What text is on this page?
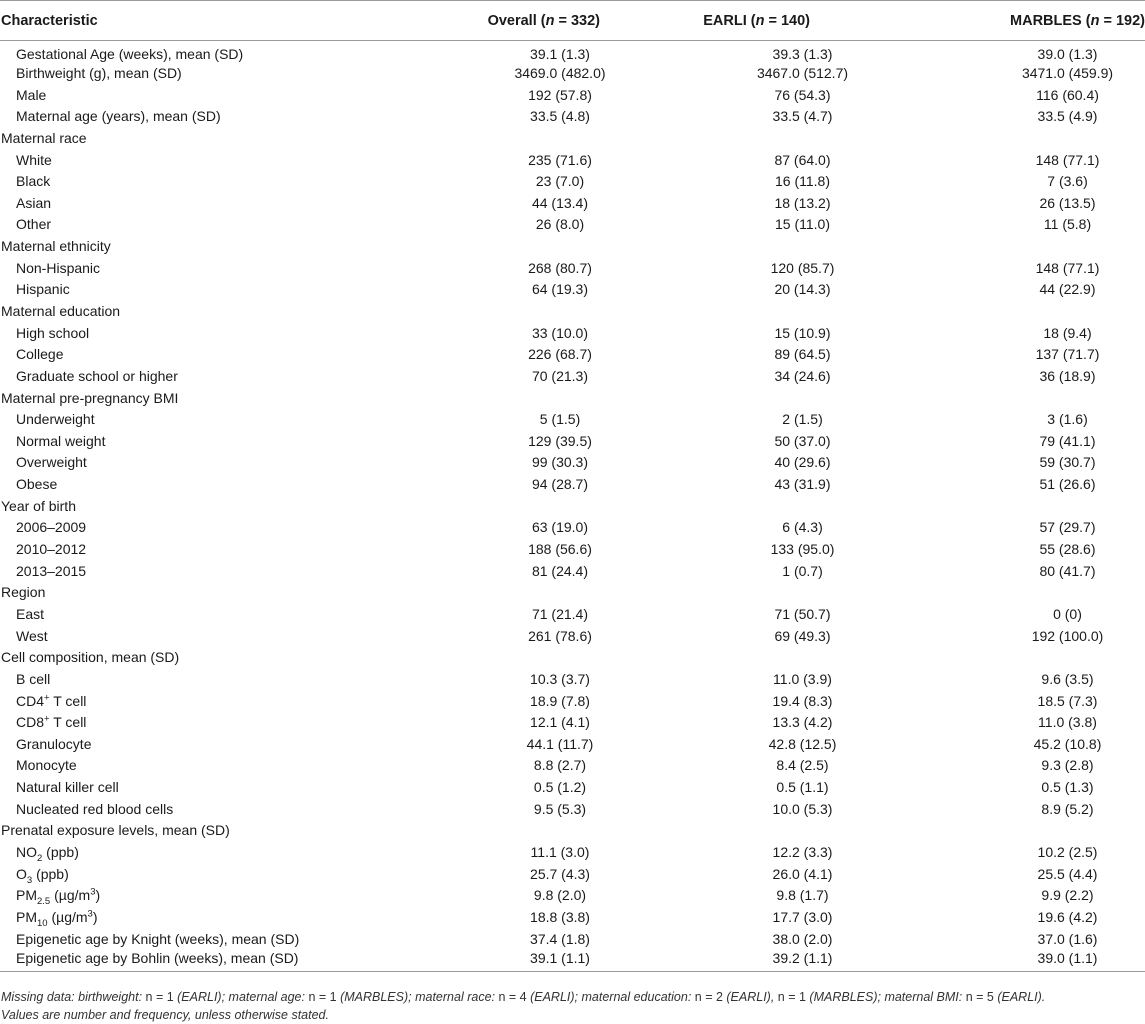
Characteristic	Overall (n = 332)	EARLI (n = 140)	MARBLES (n = 192)
Gestational Age (weeks), mean (SD)	39.1 (1.3)	39.3 (1.3)	39.0 (1.3)
Birthweight (g), mean (SD)	3469.0 (482.0)	3467.0 (512.7)	3471.0 (459.9)
Male	192 (57.8)	76 (54.3)	116 (60.4)
Maternal age (years), mean (SD)	33.5 (4.8)	33.5 (4.7)	33.5 (4.9)
Maternal race			
White	235 (71.6)	87 (64.0)	148 (77.1)
Black	23 (7.0)	16 (11.8)	7 (3.6)
Asian	44 (13.4)	18 (13.2)	26 (13.5)
Other	26 (8.0)	15 (11.0)	11 (5.8)
Maternal ethnicity			
Non-Hispanic	268 (80.7)	120 (85.7)	148 (77.1)
Hispanic	64 (19.3)	20 (14.3)	44 (22.9)
Maternal education			
High school	33 (10.0)	15 (10.9)	18 (9.4)
College	226 (68.7)	89 (64.5)	137 (71.7)
Graduate school or higher	70 (21.3)	34 (24.6)	36 (18.9)
Maternal pre-pregnancy BMI			
Underweight	5 (1.5)	2 (1.5)	3 (1.6)
Normal weight	129 (39.5)	50 (37.0)	79 (41.1)
Overweight	99 (30.3)	40 (29.6)	59 (30.7)
Obese	94 (28.7)	43 (31.9)	51 (26.6)
Year of birth			
2006–2009	63 (19.0)	6 (4.3)	57 (29.7)
2010–2012	188 (56.6)	133 (95.0)	55 (28.6)
2013–2015	81 (24.4)	1 (0.7)	80 (41.7)
Region			
East	71 (21.4)	71 (50.7)	0 (0)
West	261 (78.6)	69 (49.3)	192 (100.0)
Cell composition, mean (SD)			
B cell	10.3 (3.7)	11.0 (3.9)	9.6 (3.5)
CD4+ T cell	18.9 (7.8)	19.4 (8.3)	18.5 (7.3)
CD8+ T cell	12.1 (4.1)	13.3 (4.2)	11.0 (3.8)
Granulocyte	44.1 (11.7)	42.8 (12.5)	45.2 (10.8)
Monocyte	8.8 (2.7)	8.4 (2.5)	9.3 (2.8)
Natural killer cell	0.5 (1.2)	0.5 (1.1)	0.5 (1.3)
Nucleated red blood cells	9.5 (5.3)	10.0 (5.3)	8.9 (5.2)
Prenatal exposure levels, mean (SD)			
$NO_2$ (ppb)	11.1 (3.0)	12.2 (3.3)	10.2 (2.5)
$O_3$ (ppb)	25.7 (4.3)	26.0 (4.1)	25.5 (4.4)
$PM_{2.5}$ $(\mu g/m^3)$	9.8 (2.0)	9.8 (1.7)	9.9 (2.2)
$PM_{10}$ $(\mu g/m^3)$	18.8 (3.8)	17.7 (3.0)	19.6 (4.2)
Epigenetic age by Knight (weeks), mean (SD)	37.4 (1.8)	38.0 (2.0)	37.0 (1.6)
Epigenetic age by Bohlin (weeks), mean (SD)	39.1 (1.1)	39.2 (1.1)	39.0 (1.1)
Missing data: birthweight: n = 1 (EARLI); maternal age: n = 1 (MARBLES); maternal race: n = 4 (EARLI); maternal education: n = 2 (EARLI), n = 1 (MARBLES); maternal BMI: n = 5 (EARLI).
Values are number and frequency, unless otherwise stated.
